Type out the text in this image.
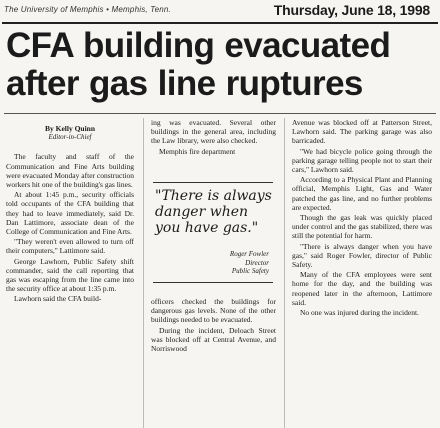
The University of Memphis • Memphis, Tenn.	Thursday, June 18, 1998
CFA building evacuated
after gas line ruptures
By Kelly Quinn
Editor-in-Chief

The faculty and staff of the Communication and Fine Arts building were evacuated Monday after construction workers hit one of the building's gas lines.

At about 1:45 p.m., security officials told occupants of the CFA building that they had to leave immediately, said Dr. Dan Lattimore, associate dean of the College of Communication and Fine Arts.

"They weren't even allowed to turn off their computers," Lattimore said.

George Lawhorn, Public Safety shift commander, said the call reporting that gas was escaping from the line came into the security office at about 1:35 p.m.

Lawhorn said the CFA build-

ing was evacuated. Several other buildings in the general area, including the Law library, were also checked.

Memphis fire department

"There is always danger when you have gas."
Roger Fowler
Director
Public Safety

officers checked the buildings for dangerous gas levels. None of the other buildings needed to be evacuated.

During the incident, Deloach Street was blocked off at Central Avenue, and Norriswood

Avenue was blocked off at Patterson Street, Lawhorn said. The parking garage was also barricaded.

"We had bicycle police going through the parking garage telling people not to start their cars," Lawhorn said.

According to a Physical Plant and Planning official, Memphis Light, Gas and Water patched the gas line, and no further problems are expected.

Though the gas leak was quickly placed under control and the gas stabilized, there was still the potential for harm.

"There is always danger when you have gas," said Roger Fowler, director of Public Safety.

Many of the CFA employees were sent home for the day, and the building was reopened later in the afternoon, Lattimore said.

No one was injured during the incident.
